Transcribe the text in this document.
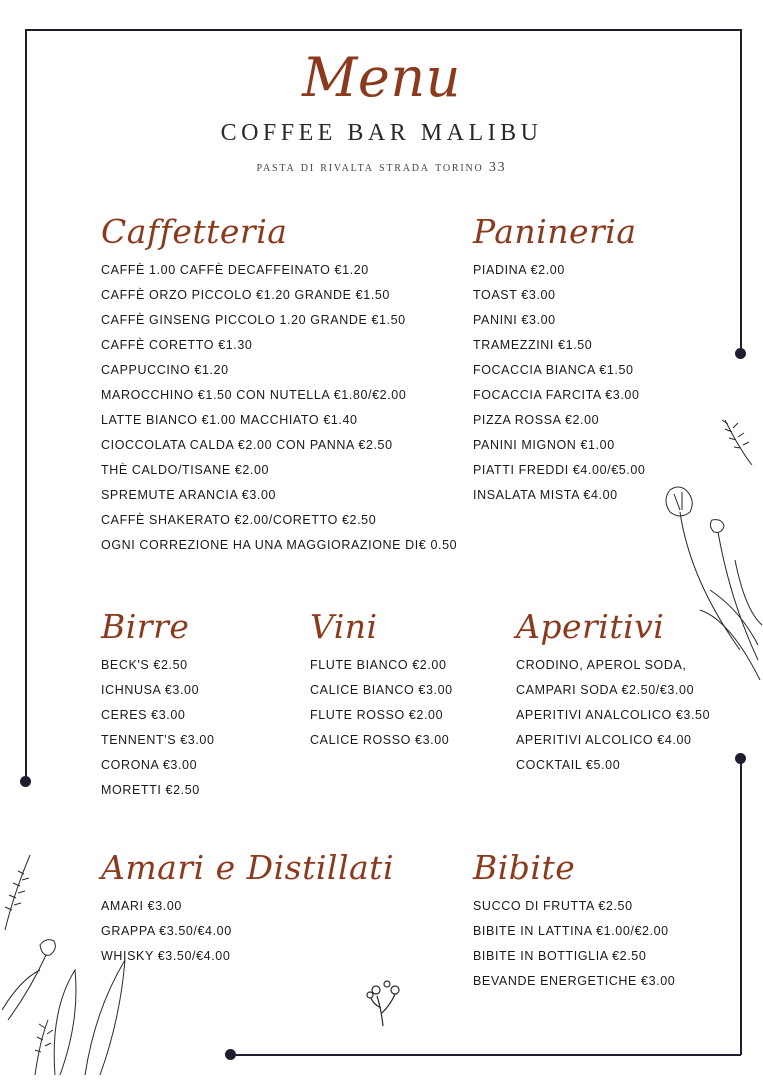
Menu
COFFEE BAR MALIBU
pasta di rivalta strada torino 33
Caffetteria
CAFFÈ 1.00 CAFFÈ DECAFFEINATO €1.20
CAFFÈ ORZO PICCOLO €1.20 GRANDE €1.50
CAFFÈ GINSENG PICCOLO 1.20 GRANDE €1.50
CAFFÈ CORETTO €1.30
CAPPUCCINO €1.20
MAROCCHINO €1.50 CON NUTELLA €1.80/€2.00
LATTE BIANCO €1.00 MACCHIATO €1.40
CIOCCOLATA CALDA €2.00 CON PANNA €2.50
THÈ CALDO/TISANE €2.00
SPREMUTE ARANCIA €3.00
CAFFÈ SHAKERATO €2.00/CORETTO €2.50
OGNI CORREZIONE HA UNA MAGGIORAZIONE DI€ 0.50
Panineria
PIADINA €2.00
TOAST €3.00
PANINI €3.00
TRAMEZZINI €1.50
FOCACCIA BIANCA €1.50
FOCACCIA FARCITA €3.00
PIZZA ROSSA €2.00
PANINI MIGNON €1.00
PIATTI FREDDI €4.00/€5.00
INSALATA MISTA €4.00
Birre
BECK'S €2.50
ICHNUSA €3.00
CERES €3.00
TENNENT'S €3.00
CORONA €3.00
MORETTI €2.50
Vini
FLUTE BIANCO €2.00
CALICE BIANCO €3.00
FLUTE ROSSO €2.00
CALICE ROSSO €3.00
Aperitivi
CRODINO, APEROL SODA,
CAMPARI SODA €2.50/€3.00
APERITIVI ANALCOLICO €3.50
APERITIVI ALCOLICO €4.00
COCKTAIL €5.00
Amari e Distillati
AMARI €3.00
GRAPPA €3.50/€4.00
WHISKY €3.50/€4.00
Bibite
SUCCO DI FRUTTA €2.50
BIBITE IN LATTINA €1.00/€2.00
BIBITE IN BOTTIGLIA €2.50
BEVANDE ENERGETICHE €3.00
